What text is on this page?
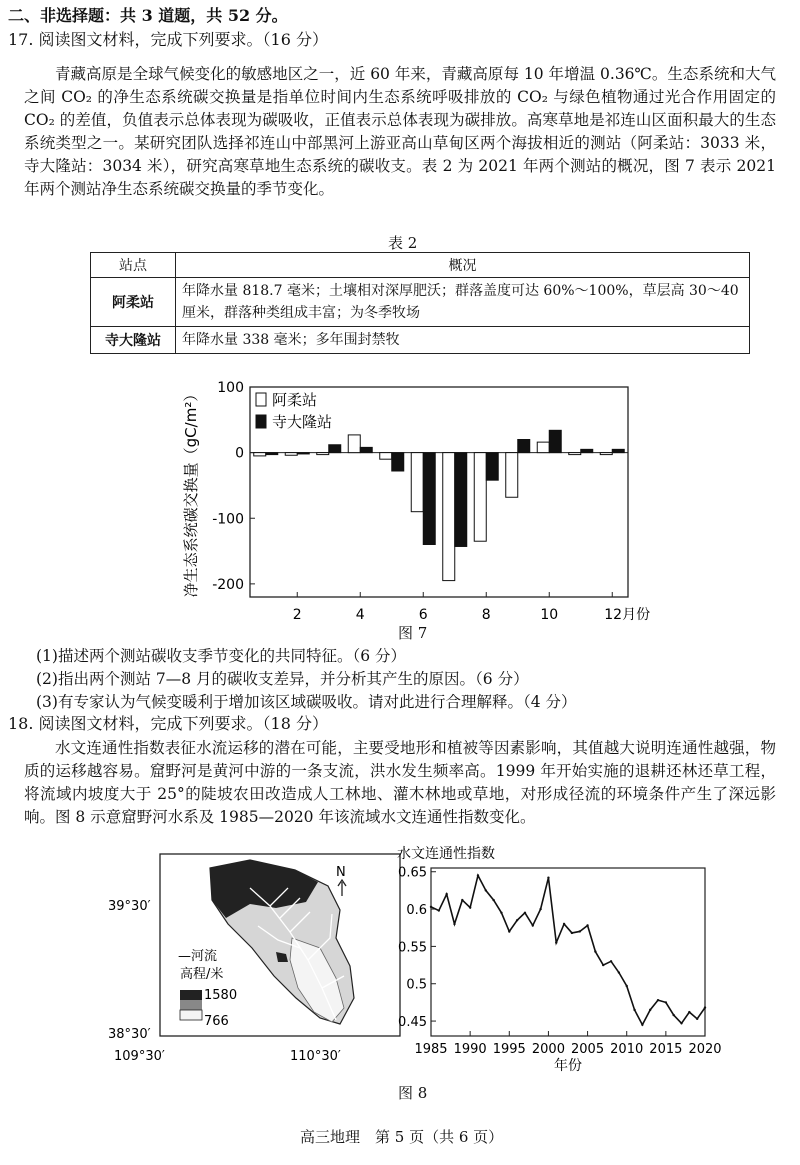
二、非选择题：共 3 道题，共 52 分。
17. 阅读图文材料，完成下列要求。（16 分）

青藏高原是全球气候变化的敏感地区之一，近 60 年来，青藏高原每 10 年增温 0.36℃。生态系统和大气之间 CO₂ 的净生态系统碳交换量是指单位时间内生态系统呼吸排放的 CO₂ 与绿色植物通过光合作用固定的 CO₂ 的差值，负值表示总体表现为碳吸收，正值表示总体表现为碳排放。高寒草地是祁连山区面积最大的生态系统类型之一。某研究团队选择祁连山中部黑河上游亚高山草甸区两个海拔相近的测站（阿柔站：3033 米，寺大隆站：3034 米），研究高寒草地生态系统的碳收支。表 2 为 2021 年两个测站的概况，图 7 表示 2021 年两个测站净生态系统碳交换量的季节变化。

表 2
站点	概况
阿柔站	年降水量 818.7 毫米；土壤相对深厚肥沃；群落盖度可达 60%～100%，草层高 30～40 厘米，群落种类组成丰富；为冬季牧场
寺大隆站	年降水量 338 毫米；多年围封禁牧
100
0
-100
-200
2	4	6	8	10	12月份
净生态系统碳交换量（gC/m²）	阿柔站
寺大隆站
图 7
(1)描述两个测站碳收支季节变化的共同特征。（6 分）
(2)指出两个测站 7—8 月的碳收支差异，并分析其产生的原因。（6 分）
(3)有专家认为气候变暖利于增加该区域碳吸收。请对此进行合理解释。（4 分）
18. 阅读图文材料，完成下列要求。（18 分）

水文连通性指数表征水流运移的潜在可能，主要受地形和植被等因素影响，其值越大说明连通性越强，物质的运移越容易。窟野河是黄河中游的一条支流，洪水发生频率高。1999 年开始实施的退耕还林还草工程，将流域内坡度大于 25°的陡坡农田改造成人工林地、灌木林地或草地，对形成径流的环境条件产生了深远影响。图 8 示意窟野河水系及 1985—2020 年该流域水文连通性指数变化。

N
39°30′
38°30′
109°30′	110°30′
—河流
高程/米
1580
766
水文连通性指数
0.65
0.6
0.55
0.5
0.45
1985 1990 1995 2000 2005 2010 2015 2020
年份
图 8
高三地理　第 5 页（共 6 页）
